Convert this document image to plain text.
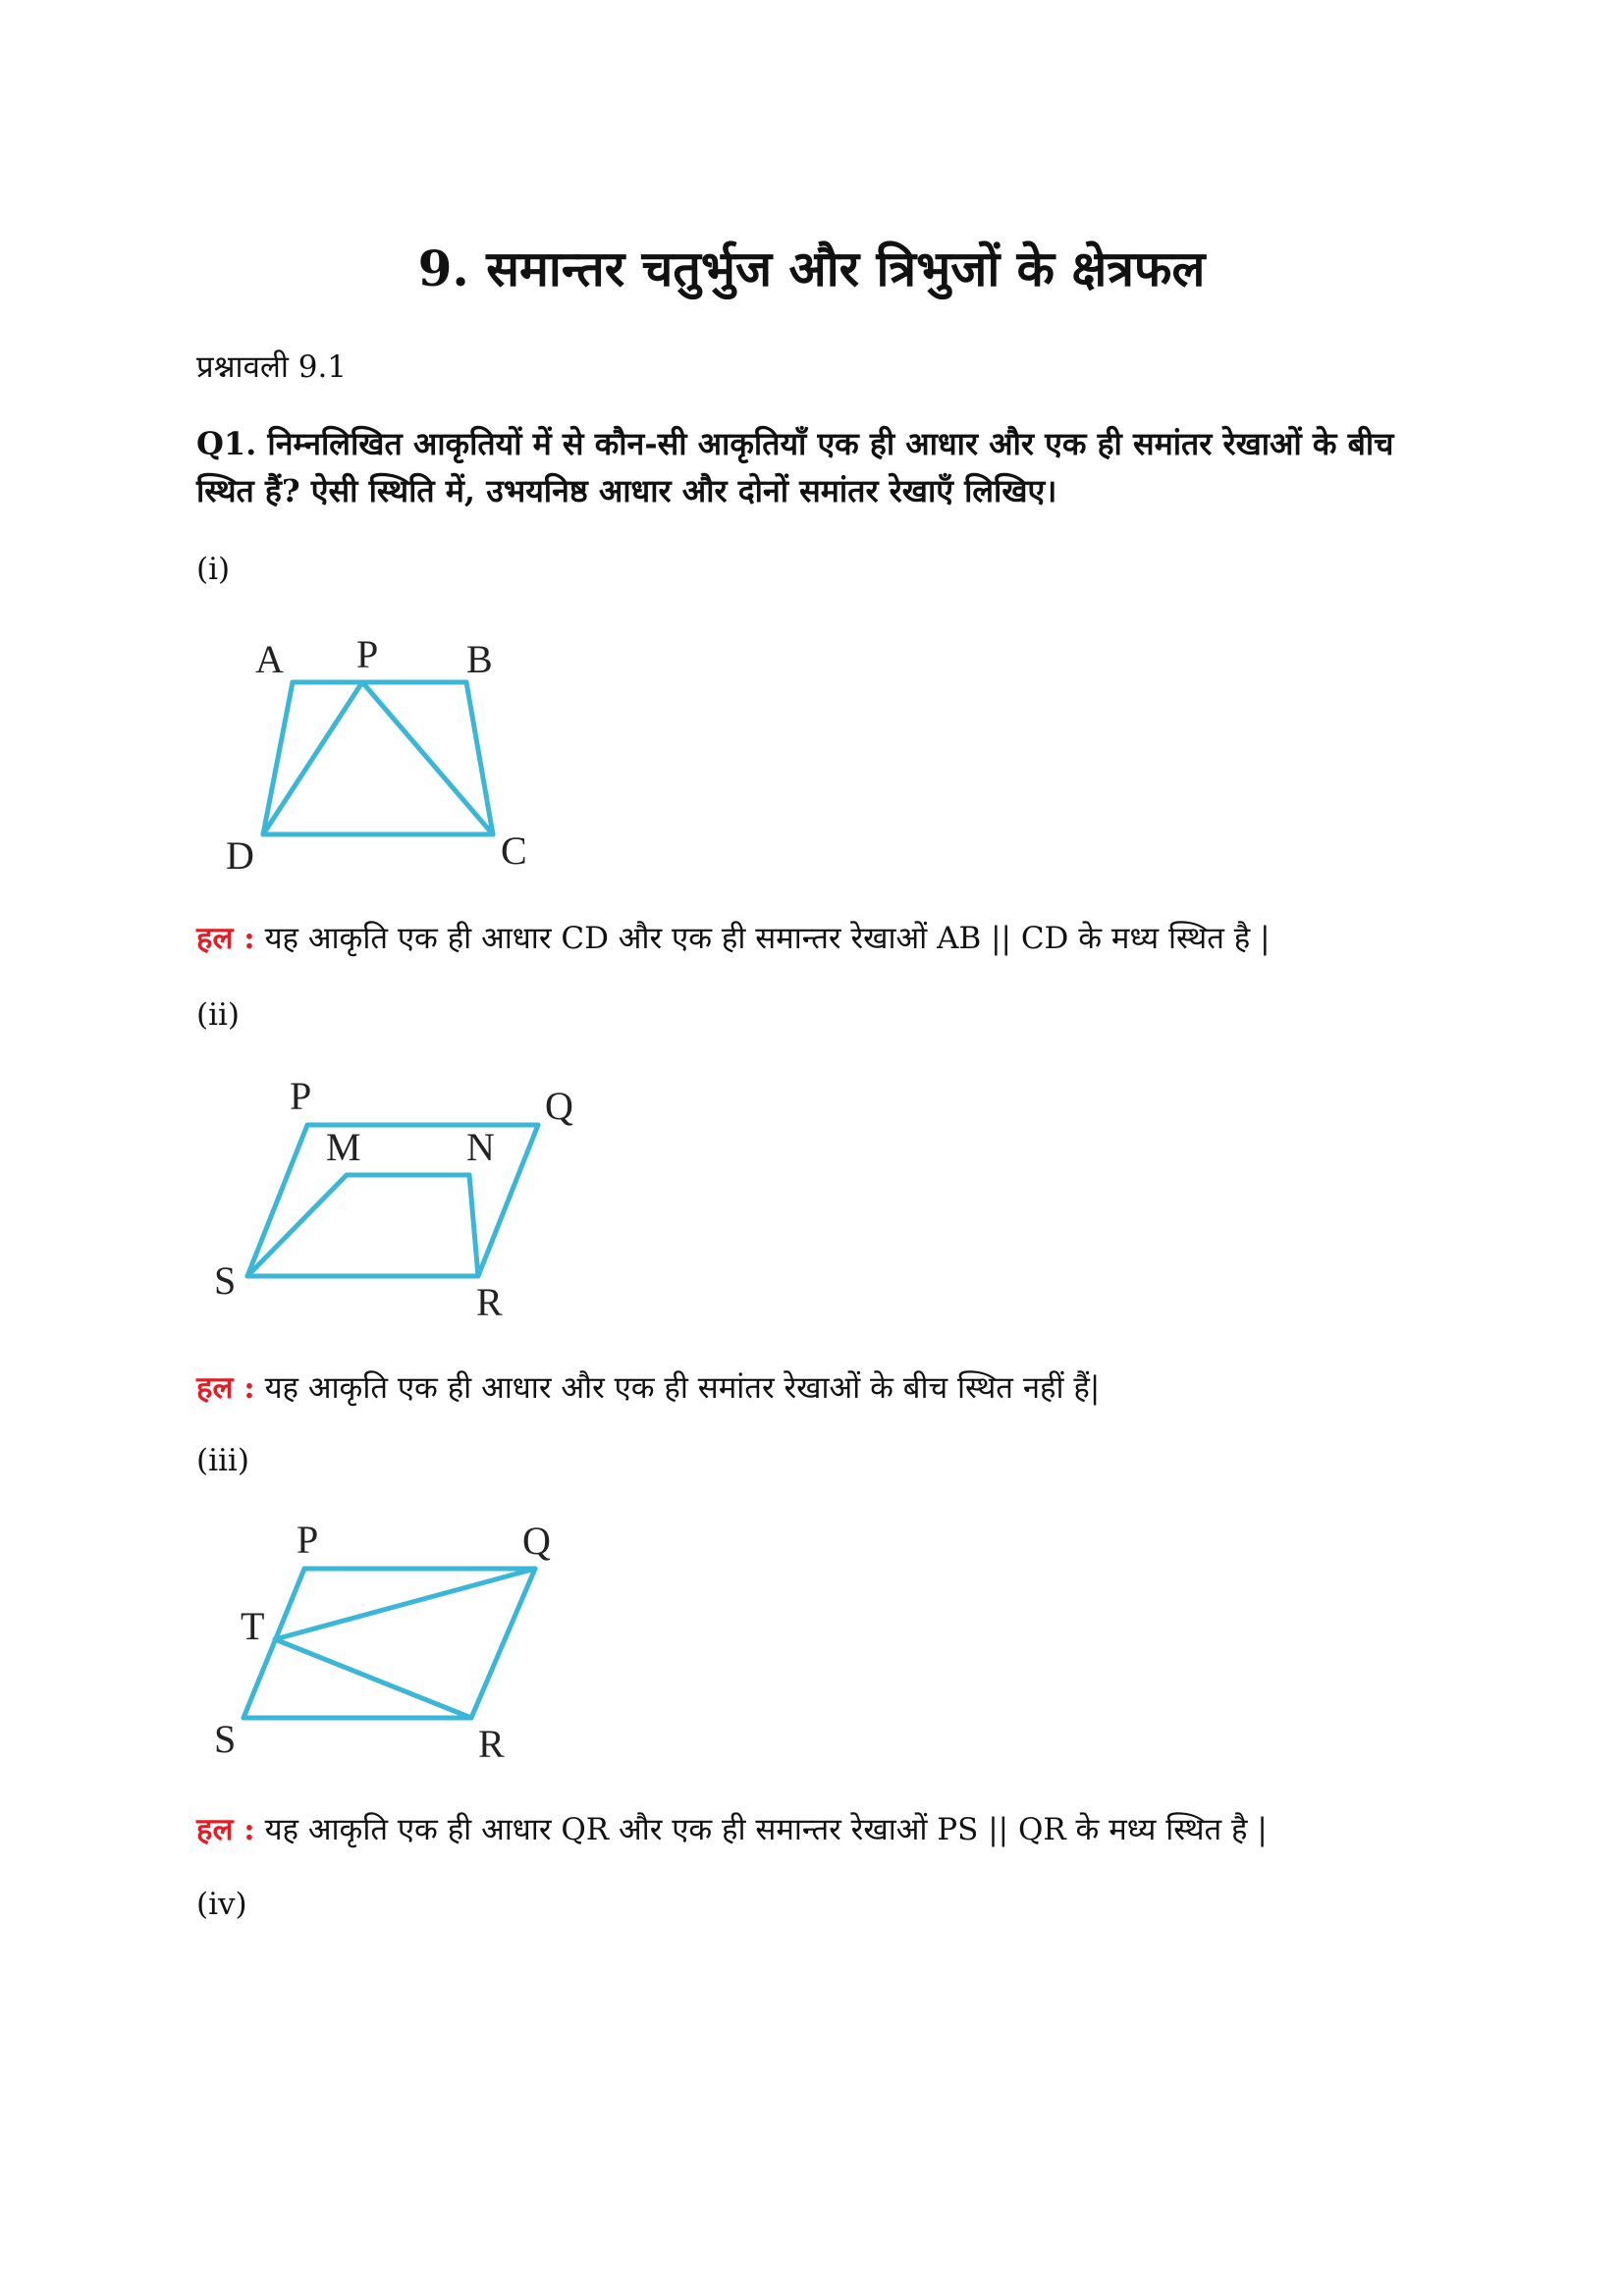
9. समान्तर चतुर्भुज और त्रिभुजों के क्षेत्रफल

प्रश्नावली 9.1

Q1. निम्नलिखित आकृतियों में से कौन-सी आकृतियाँ एक ही आधार और एक ही समांतर रेखाओं के बीच स्थित हैं? ऐसी स्थिति में, उभयनिष्ठ आधार और दोनों समांतर रेखाएँ लिखिए।

(i)

A P B
D	C

हल : यह आकृति एक ही आधार CD और एक ही समान्तर रेखाओं AB || CD के मध्य स्थित है |

(ii)

P	Q
M	N
S	R

हल : यह आकृति एक ही आधार और एक ही समांतर रेखाओं के बीच स्थित नहीं हैं|

(iii)

P	Q
T
S	R

हल : यह आकृति एक ही आधार QR और एक ही समान्तर रेखाओं PS || QR के मध्य स्थित है |

(iv)
